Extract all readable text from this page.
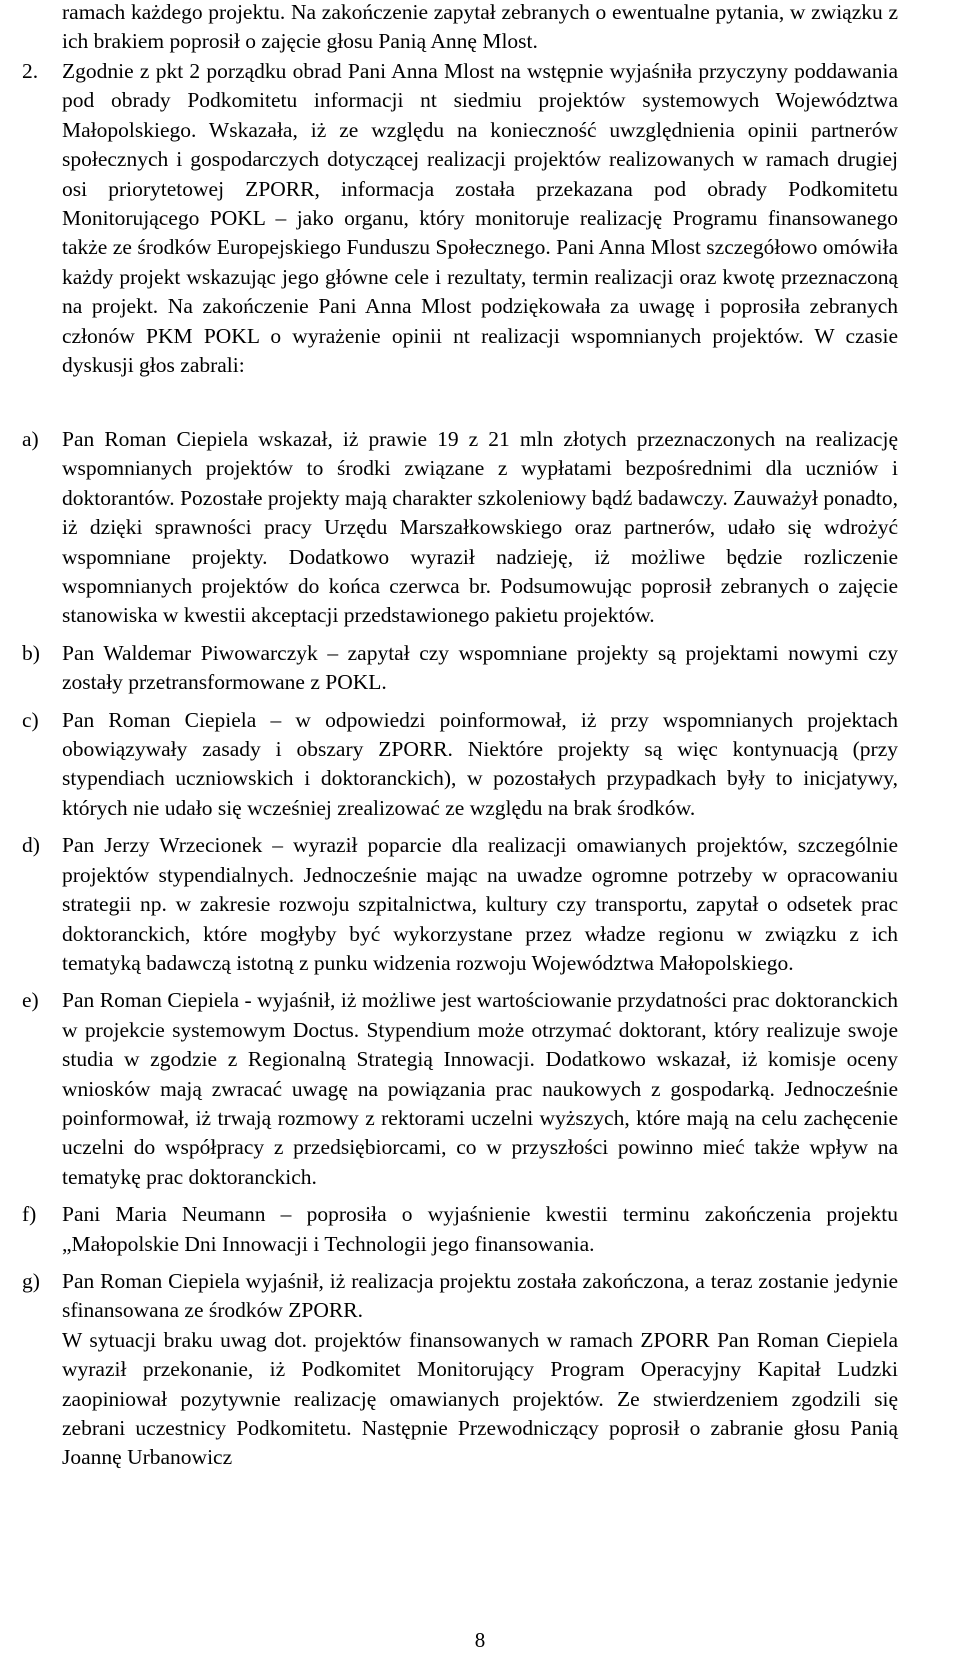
ramach każdego projektu. Na zakończenie zapytał zebranych o ewentualne pytania, w związku z ich brakiem poprosił o zajęcie głosu Panią Annę Mlost.

2. Zgodnie z pkt 2 porządku obrad Pani Anna Mlost na wstępnie wyjaśniła przyczyny poddawania pod obrady Podkomitetu informacji nt siedmiu projektów systemowych Województwa Małopolskiego. Wskazała, iż ze względu na konieczność uwzględnienia opinii partnerów społecznych i gospodarczych dotyczącej realizacji projektów realizowanych w ramach drugiej osi priorytetowej ZPORR, informacja została przekazana pod obrady Podkomitetu Monitorującego POKL – jako organu, który monitoruje realizację Programu finansowanego także ze środków Europejskiego Funduszu Społecznego. Pani Anna Mlost szczegółowo omówiła każdy projekt wskazując jego główne cele i rezultaty, termin realizacji oraz kwotę przeznaczoną na projekt. Na zakończenie Pani Anna Mlost podziękowała za uwagę i poprosiła zebranych członów PKM POKL o wyrażenie opinii nt realizacji wspomnianych projektów. W czasie dyskusji głos zabrali:

a) Pan Roman Ciepiela wskazał, iż prawie 19 z 21 mln złotych przeznaczonych na realizację wspomnianych projektów to środki związane z wypłatami bezpośrednimi dla uczniów i doktorantów. Pozostałe projekty mają charakter szkoleniowy bądź badawczy. Zauważył ponadto, iż dzięki sprawności pracy Urzędu Marszałkowskiego oraz partnerów, udało się wdrożyć wspomniane projekty. Dodatkowo wyraził nadzieję, iż możliwe będzie rozliczenie wspomnianych projektów do końca czerwca br. Podsumowując poprosił zebranych o zajęcie stanowiska w kwestii akceptacji przedstawionego pakietu projektów.

b) Pan Waldemar Piwowarczyk – zapytał czy wspomniane projekty są projektami nowymi czy zostały przetransformowane z POKL.

c) Pan Roman Ciepiela – w odpowiedzi poinformował, iż przy wspomnianych projektach obowiązywały zasady i obszary ZPORR. Niektóre projekty są więc kontynuacją (przy stypendiach uczniowskich i doktoranckich), w pozostałych przypadkach były to inicjatywy, których nie udało się wcześniej zrealizować ze względu na brak środków.

d) Pan Jerzy Wrzecionek – wyraził poparcie dla realizacji omawianych projektów, szczególnie projektów stypendialnych. Jednocześnie mając na uwadze ogromne potrzeby w opracowaniu strategii np. w zakresie rozwoju szpitalnictwa, kultury czy transportu, zapytał o odsetek prac doktoranckich, które mogłyby być wykorzystane przez władze regionu w związku z ich tematyką badawczą istotną z punku widzenia rozwoju Województwa Małopolskiego.

e) Pan Roman Ciepiela - wyjaśnił, iż możliwe jest wartościowanie przydatności prac doktoranckich w projekcie systemowym Doctus. Stypendium może otrzymać doktorant, który realizuje swoje studia w zgodzie z Regionalną Strategią Innowacji. Dodatkowo wskazał, iż komisje oceny wniosków mają zwracać uwagę na powiązania prac naukowych z gospodarką. Jednocześnie poinformował, iż trwają rozmowy z rektorami uczelni wyższych, które mają na celu zachęcenie uczelni do współpracy z przedsiębiorcami, co w przyszłości powinno mieć także wpływ na tematykę prac doktoranckich.

f) Pani Maria Neumann – poprosiła o wyjaśnienie kwestii terminu zakończenia projektu „Małopolskie Dni Innowacji i Technologii jego finansowania.

g) Pan Roman Ciepiela wyjaśnił, iż realizacja projektu została zakończona, a teraz zostanie jedynie sfinansowana ze środków ZPORR.

W sytuacji braku uwag dot. projektów finansowanych w ramach ZPORR Pan Roman Ciepiela wyraził przekonanie, iż Podkomitet Monitorujący Program Operacyjny Kapitał Ludzki zaopiniował pozytywnie realizację omawianych projektów. Ze stwierdzeniem zgodzili się zebrani uczestnicy Podkomitetu. Następnie Przewodniczący poprosił o zabranie głosu Panią Joannę Urbanowicz

8
